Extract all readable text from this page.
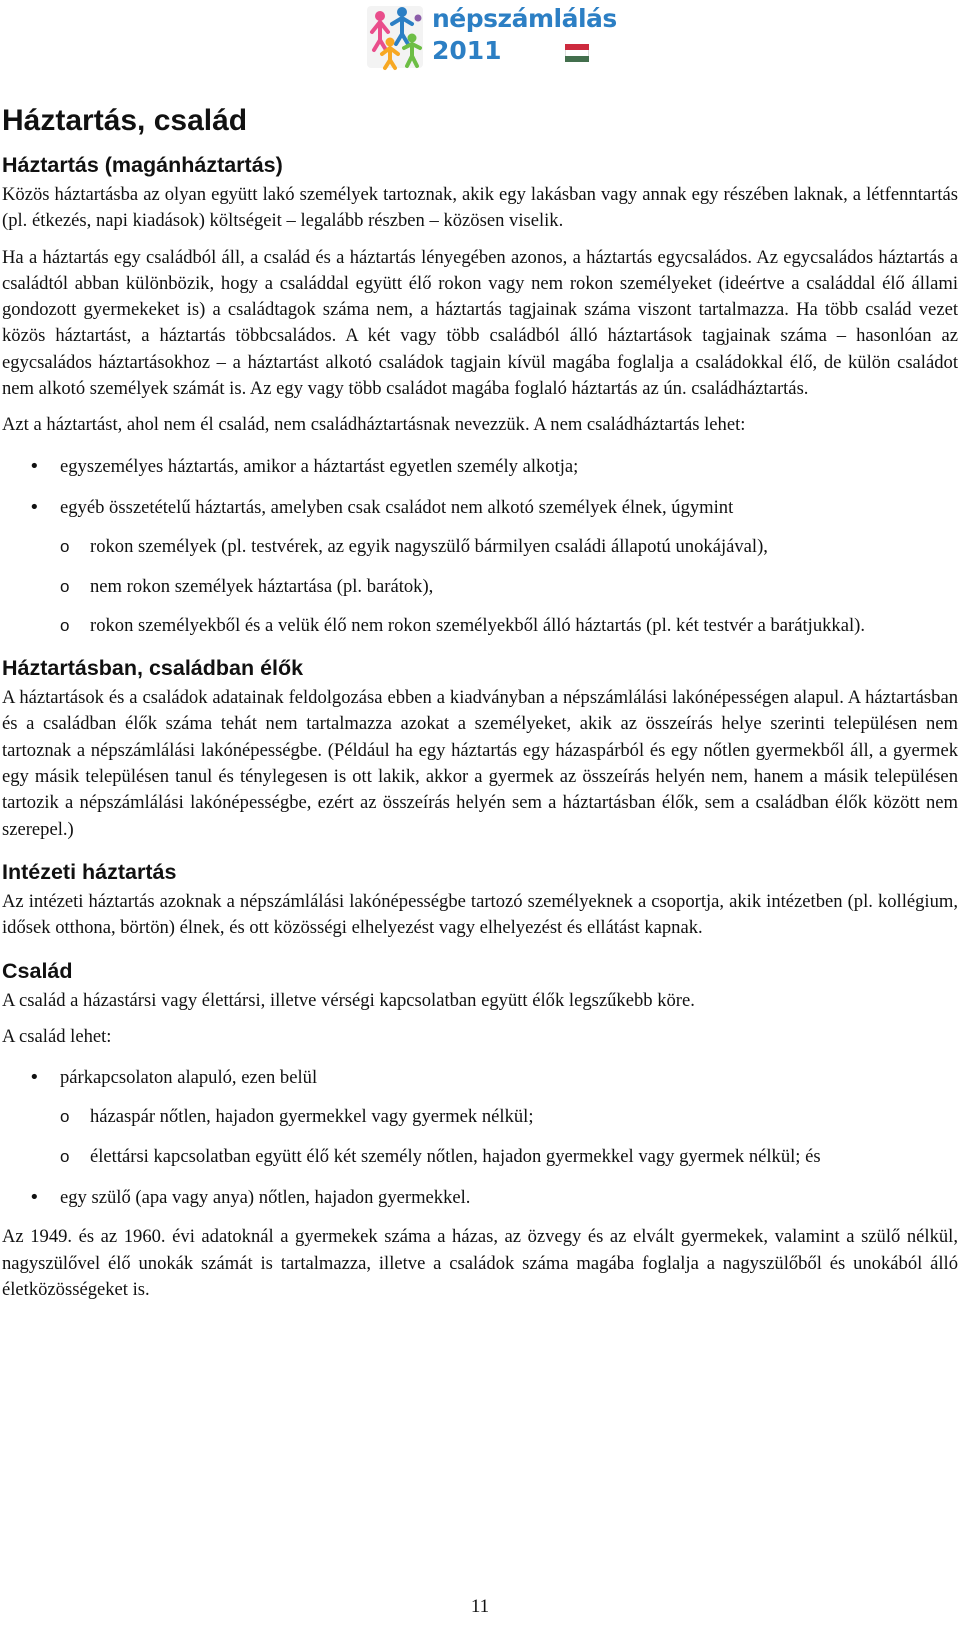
népszámlálás
2011
Háztartás, család
Háztartás (magánháztartás)

Közös háztartásba az olyan együtt lakó személyek tartoznak, akik egy lakásban vagy annak egy részében laknak, a létfenntartás (pl. étkezés, napi kiadások) költségeit – legalább részben – közösen viselik.

Ha a háztartás egy családból áll, a család és a háztartás lényegében azonos, a háztartás egycsaládos. Az egycsaládos háztartás a családtól abban különbözik, hogy a családdal együtt élő rokon vagy nem rokon személyeket (ideértve a családdal élő állami gondozott gyermekeket is) a családtagok száma nem, a háztartás tagjainak száma viszont tartalmazza. Ha több család vezet közös háztartást, a háztartás többcsaládos. A két vagy több családból álló háztartások tagjainak száma – hasonlóan az egycsaládos háztartásokhoz – a háztartást alkotó családok tagjain kívül magába foglalja a családokkal élő, de külön családot nem alkotó személyek számát is. Az egy vagy több családot magába foglaló háztartás az ún. családháztartás.

Azt a háztartást, ahol nem él család, nem családháztartásnak nevezzük. A nem családháztartás lehet:

• egyszemélyes háztartás, amikor a háztartást egyetlen személy alkotja;
• egyéb összetételű háztartás, amelyben csak családot nem alkotó személyek élnek, úgymint
o rokon személyek (pl. testvérek, az egyik nagyszülő bármilyen családi állapotú unokájával),
o nem rokon személyek háztartása (pl. barátok),
o rokon személyekből és a velük élő nem rokon személyekből álló háztartás (pl. két testvér a barátjukkal).
Háztartásban, családban élők

A háztartások és a családok adatainak feldolgozása ebben a kiadványban a népszámlálási lakónépességen alapul. A háztartásban és a családban élők száma tehát nem tartalmazza azokat a személyeket, akik az összeírás helye szerinti településen nem tartoznak a népszámlálási lakónépességbe. (Például ha egy háztartás egy házaspárból és egy nőtlen gyermekből áll, a gyermek egy másik településen tanul és ténylegesen is ott lakik, akkor a gyermek az összeírás helyén nem, hanem a másik településen tartozik a népszámlálási lakónépességbe, ezért az összeírás helyén sem a háztartásban élők, sem a családban élők között nem szerepel.)

Intézeti háztartás

Az intézeti háztartás azoknak a népszámlálási lakónépességbe tartozó személyeknek a csoportja, akik intézetben (pl. kollégium, idősek otthona, börtön) élnek, és ott közösségi elhelyezést vagy elhelyezést és ellátást kapnak.

Család

A család a házastársi vagy élettársi, illetve vérségi kapcsolatban együtt élők legszűkebb köre.

A család lehet:

• párkapcsolaton alapuló, ezen belül
o házaspár nőtlen, hajadon gyermekkel vagy gyermek nélkül;
o élettársi kapcsolatban együtt élő két személy nőtlen, hajadon gyermekkel vagy gyermek nélkül; és
• egy szülő (apa vagy anya) nőtlen, hajadon gyermekkel.

Az 1949. és az 1960. évi adatoknál a gyermekek száma a házas, az özvegy és az elvált gyermekek, valamint a szülő nélkül, nagyszülővel élő unokák számát is tartalmazza, illetve a családok száma magába foglalja a nagyszülőből és unokából álló életközösségeket is.

11
